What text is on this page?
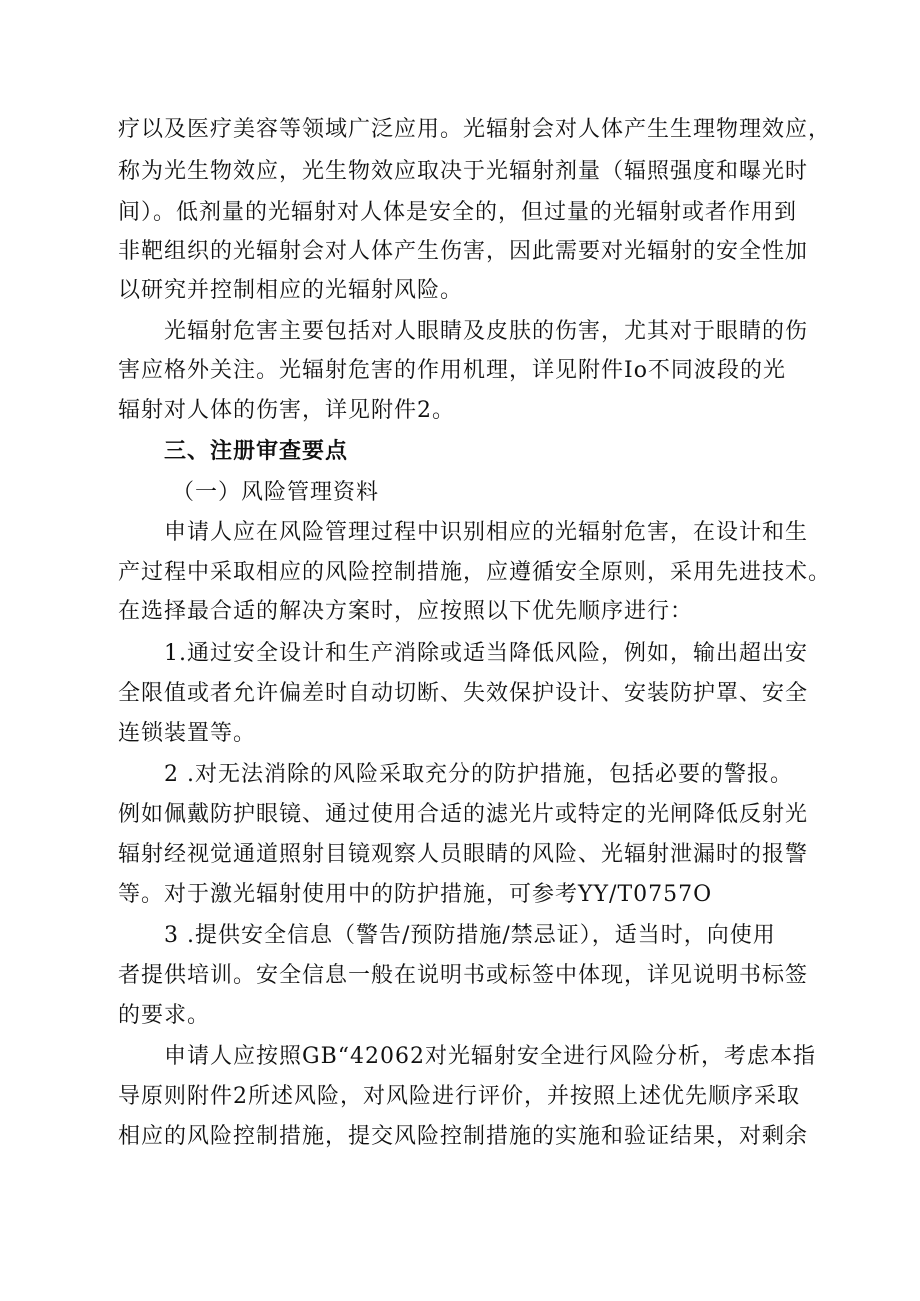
疗以及医疗美容等领域广泛应用。光辐射会对人体产生生理物理效应，
称为光生物效应，光生物效应取决于光辐射剂量（辐照强度和曝光时
间）。低剂量的光辐射对人体是安全的，但过量的光辐射或者作用到
非靶组织的光辐射会对人体产生伤害，因此需要对光辐射的安全性加
以研究并控制相应的光辐射风险。
光辐射危害主要包括对人眼睛及皮肤的伤害，尤其对于眼睛的伤
害应格外关注。光辐射危害的作用机理，详见附件Io不同波段的光
辐射对人体的伤害，详见附件2。
三、注册审查要点
（一）风险管理资料
申请人应在风险管理过程中识别相应的光辐射危害，在设计和生
产过程中采取相应的风险控制措施，应遵循安全原则，采用先进技术。
在选择最合适的解决方案时，应按照以下优先顺序进行：
1.通过安全设计和生产消除或适当降低风险，例如，输出超出安
全限值或者允许偏差时自动切断、失效保护设计、安装防护罩、安全
连锁装置等。
2 .对无法消除的风险采取充分的防护措施，包括必要的警报。
例如佩戴防护眼镜、通过使用合适的滤光片或特定的光闸降低反射光
辐射经视觉通道照射目镜观察人员眼睛的风险、光辐射泄漏时的报警
等。对于激光辐射使用中的防护措施，可参考YY/T0757O
3 .提供安全信息（警告/预防措施/禁忌证），适当时，向使用
者提供培训。安全信息一般在说明书或标签中体现，详见说明书标签
的要求。
申请人应按照GB“42062对光辐射安全进行风险分析，考虑本指
导原则附件2所述风险，对风险进行评价，并按照上述优先顺序采取
相应的风险控制措施，提交风险控制措施的实施和验证结果，对剩余
